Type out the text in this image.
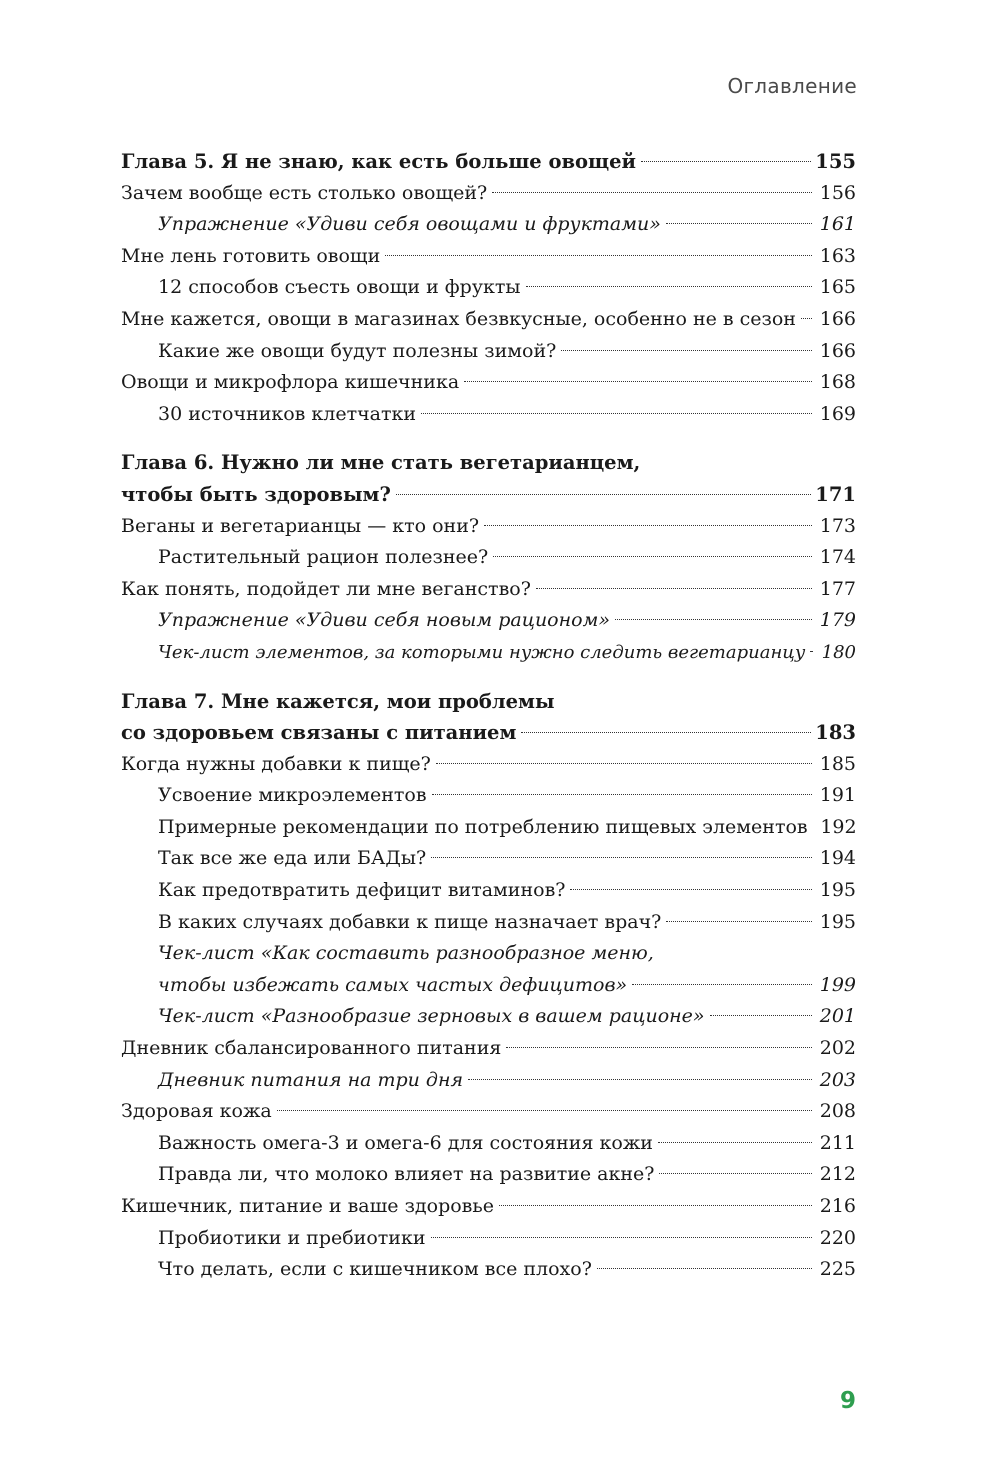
Оглавление
Глава 5. Я не знаю, как есть больше овощей	155
Зачем вообще есть столько овощей?	156
Упражнение «Удиви себя овощами и фруктами»	161
Мне лень готовить овощи	163
12 способов съесть овощи и фрукты	165
Мне кажется, овощи в магазинах безвкусные, особенно не в сезон 166
Какие же овощи будут полезны зимой?	166
Овощи и микрофлора кишечника	168
30 источников клетчатки	169
Глава 6. Нужно ли мне стать вегетарианцем,
чтобы быть здоровым?	171
Веганы и вегетарианцы — кто они?	173
Растительный рацион полезнее?	174
Как понять, подойдет ли мне веганство?	177
Упражнение «Удиви себя новым рационом»	179
Чек-лист элементов, за которыми нужно следить вегетарианцу 180
Глава 7. Мне кажется, мои проблемы
со здоровьем связаны с питанием	183
Когда нужны добавки к пище?	185
Усвоение микроэлементов	191
Примерные рекомендации по потреблению пищевых элементов 192
Так все же еда или БАДы?	194
Как предотвратить дефицит витаминов?	195
В каких случаях добавки к пище назначает врач?	195
Чек-лист «Как составить разнообразное меню,
чтобы избежать самых частых дефицитов»	199
Чек-лист «Разнообразие зерновых в вашем рационе»	201
Дневник сбалансированного питания	202
Дневник питания на три дня	203
Здоровая кожа	208
Важность омега-3 и омега-6 для состояния кожи	211
Правда ли, что молоко влияет на развитие акне?	212
Кишечник, питание и ваше здоровье	216
Пробиотики и пребиотики	220
Что делать, если с кишечником все плохо?	225
9
